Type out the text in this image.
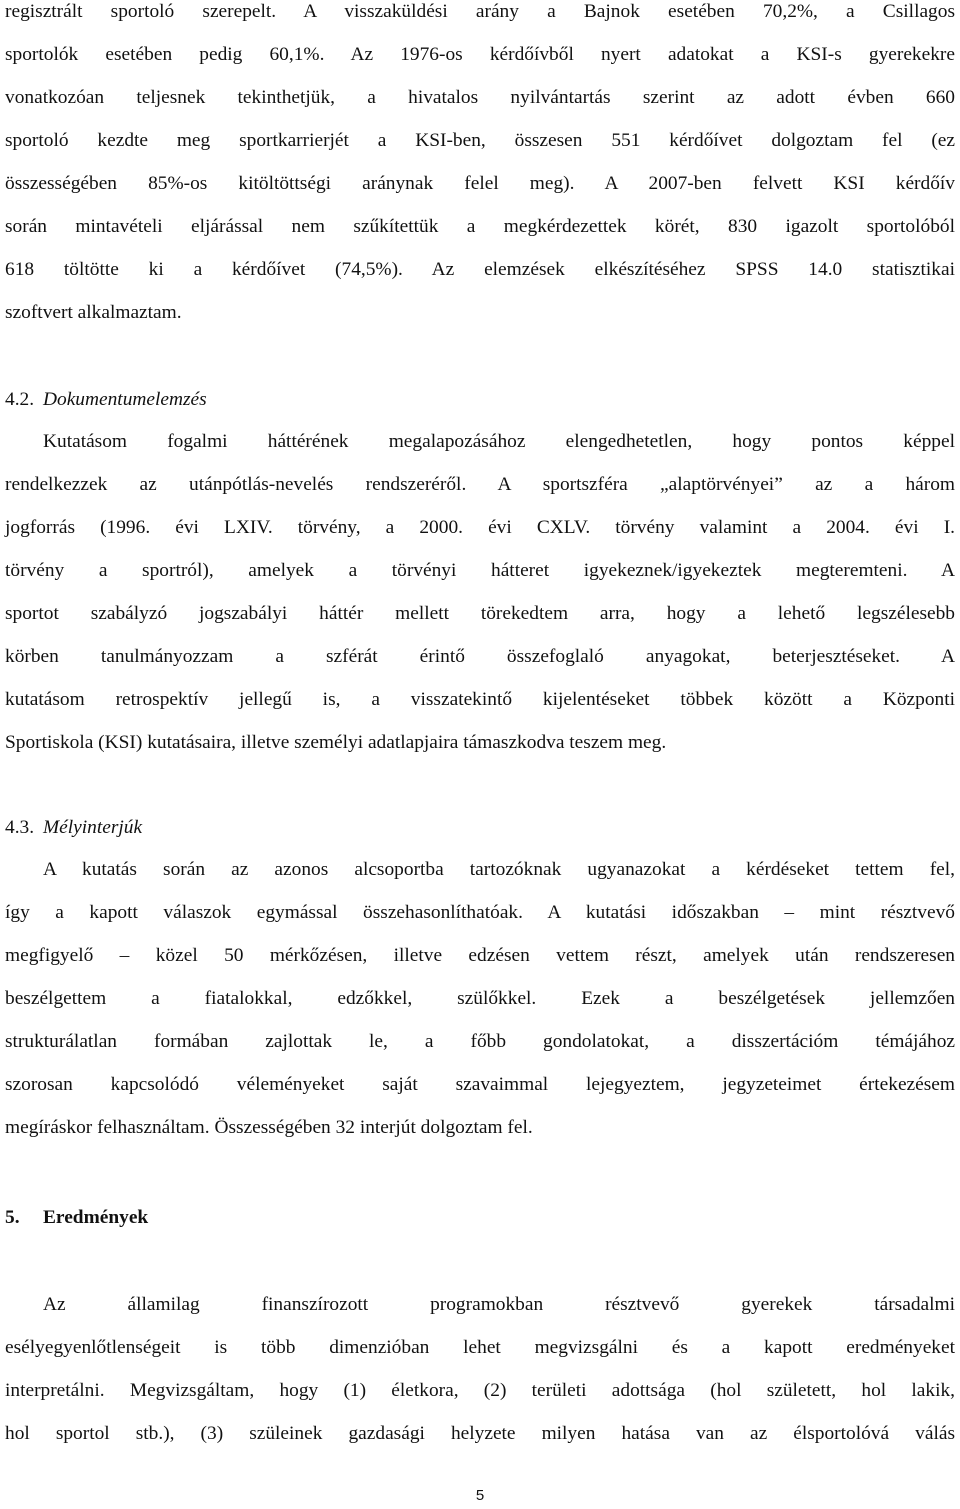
regisztrált sportoló szerepelt. A visszaküldési arány a Bajnok esetében 70,2%, a Csillagos
sportolók esetében pedig 60,1%. Az 1976-os kérdőívből nyert adatokat a KSI-s gyerekekre
vonatkozóan teljesnek tekinthetjük, a hivatalos nyilvántartás szerint az adott évben 660
sportoló kezdte meg sportkarrierjét a KSI-ben, összesen 551 kérdőívet dolgoztam fel (ez
összességében 85%-os kitöltöttségi aránynak felel meg). A 2007-ben felvett KSI kérdőív
során mintavételi eljárással nem szűkítettük a megkérdezettek körét, 830 igazolt sportolóból
618 töltötte ki a kérdőívet (74,5%). Az elemzések elkészítéséhez SPSS 14.0 statisztikai
szoftvert alkalmaztam.
4.2. Dokumentumelemzés
Kutatásom fogalmi háttérének megalapozásához elengedhetetlen, hogy pontos képpel
rendelkezzek az utánpótlás-nevelés rendszeréről. A sportszféra „alaptörvényei” az a három
jogforrás (1996. évi LXIV. törvény, a 2000. évi CXLV. törvény valamint a 2004. évi I.
törvény a sportról), amelyek a törvényi hátteret igyekeznek/igyekeztek megteremteni. A
sportot szabályzó jogszabályi háttér mellett törekedtem arra, hogy a lehető legszélesebb
körben tanulmányozzam a szférát érintő összefoglaló anyagokat, beterjesztéseket. A
kutatásom retrospektív jellegű is, a visszatekintő kijelentéseket többek között a Központi
Sportiskola (KSI) kutatásaira, illetve személyi adatlapjaira támaszkodva teszem meg.
4.3. Mélyinterjúk
A kutatás során az azonos alcsoportba tartozóknak ugyanazokat a kérdéseket tettem fel,
így a kapott válaszok egymással összehasonlíthatóak. A kutatási időszakban – mint résztvevő
megfigyelő – közel 50 mérkőzésen, illetve edzésen vettem részt, amelyek után rendszeresen
beszélgettem a fiatalokkal, edzőkkel, szülőkkel. Ezek a beszélgetések jellemzően
strukturálatlan formában zajlottak le, a főbb gondolatokat, a disszertációm témájához
szorosan kapcsolódó véleményeket saját szavaimmal lejegyeztem, jegyzeteimet értekezésem
megíráskor felhasználtam. Összességében 32 interjút dolgoztam fel.
5. Eredmények
Az államilag finanszírozott programokban résztvevő gyerekek társadalmi
esélyegyenlőtlenségeit is több dimenzióban lehet megvizsgálni és a kapott eredményeket
interpretálni. Megvizsgáltam, hogy (1) életkora, (2) területi adottsága (hol született, hol lakik,
hol sportol stb.), (3) szüleinek gazdasági helyzete milyen hatása van az élsportolóvá válás
5
